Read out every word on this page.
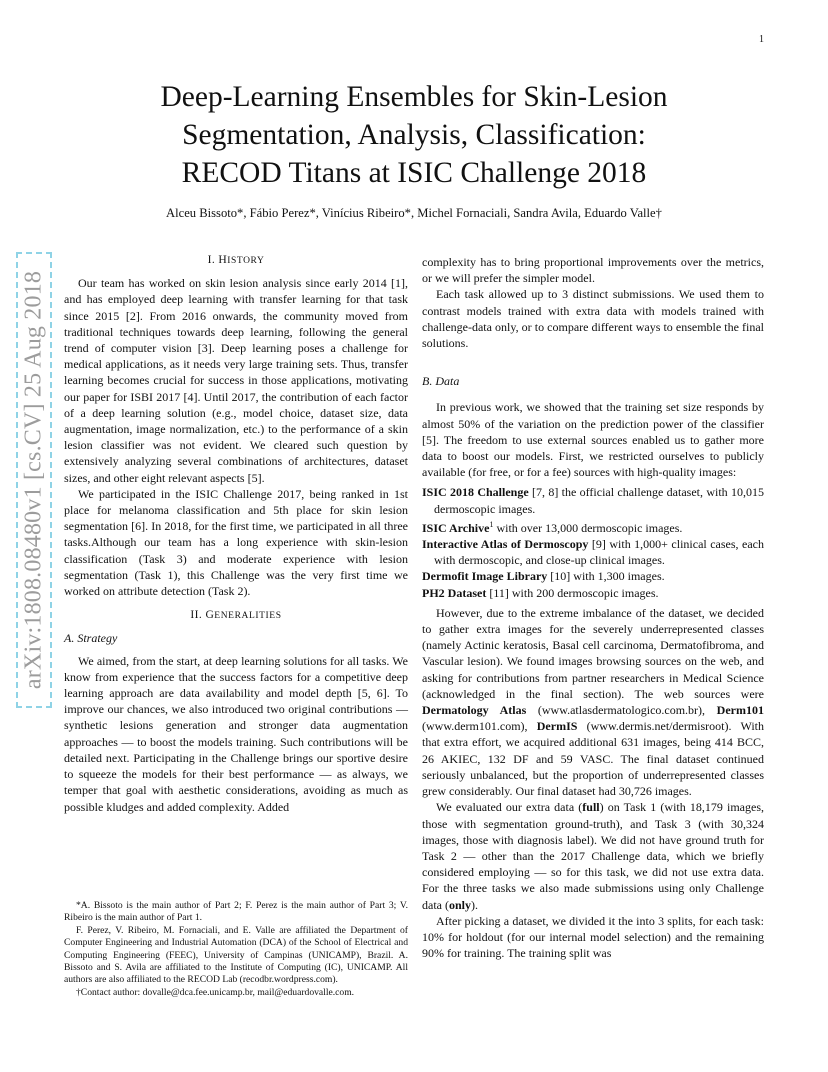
1
arXiv:1808.08480v1 [cs.CV] 25 Aug 2018
Deep-Learning Ensembles for Skin-Lesion
Segmentation, Analysis, Classification:
RECOD Titans at ISIC Challenge 2018
Alceu Bissoto*, Fábio Perez*, Vinícius Ribeiro*, Michel Fornaciali, Sandra Avila, Eduardo Valle†
I. HISTORY

Our team has worked on skin lesion analysis since early 2014 [1], and has employed deep learning with transfer learning for that task since 2015 [2]. From 2016 onwards, the community moved from traditional techniques towards deep learning, following the general trend of computer vision [3]. Deep learning poses a challenge for medical applications, as it needs very large training sets. Thus, transfer learning becomes crucial for success in those applications, motivating our paper for ISBI 2017 [4]. Until 2017, the contribution of each factor of a deep learning solution (e.g., model choice, dataset size, data augmentation, image normalization, etc.) to the performance of a skin lesion classifier was not evident. We cleared such question by extensively analyzing several combinations of architectures, dataset sizes, and other eight relevant aspects [5].

We participated in the ISIC Challenge 2017, being ranked in 1st place for melanoma classification and 5th place for skin lesion segmentation [6]. In 2018, for the first time, we participated in all three tasks.Although our team has a long experience with skin-lesion classification (Task 3) and moderate experience with lesion segmentation (Task 1), this Challenge was the very first time we worked on attribute detection (Task 2).

II. GENERALITIES
A. Strategy

We aimed, from the start, at deep learning solutions for all tasks. We know from experience that the success factors for a competitive deep learning approach are data availability and model depth [5, 6]. To improve our chances, we also introduced two original contributions — synthetic lesions generation and stronger data augmentation approaches — to boost the models training. Such contributions will be detailed next. Participating in the Challenge brings our sportive desire to squeeze the models for their best performance — as always, we temper that goal with aesthetic considerations, avoiding as much as possible kludges and added complexity. Added

complexity has to bring proportional improvements over the metrics, or we will prefer the simpler model.

Each task allowed up to 3 distinct submissions. We used them to contrast models trained with extra data with models trained with challenge-data only, or to compare different ways to ensemble the final solutions.

B. Data

In previous work, we showed that the training set size responds by almost 50% of the variation on the prediction power of the classifier [5]. The freedom to use external sources enabled us to gather more data to boost our models. First, we restricted ourselves to publicly available (for free, or for a fee) sources with high-quality images:

ISIC 2018 Challenge [7, 8] the official challenge dataset, with 10,015 dermoscopic images.
ISIC Archive$^1$ with over 13,000 dermoscopic images.
Interactive Atlas of Dermoscopy [9] with 1,000+ clinical cases, each with dermoscopic, and close-up clinical images.
Dermofit Image Library [10] with 1,300 images.
PH2 Dataset [11] with 200 dermoscopic images.

However, due to the extreme imbalance of the dataset, we decided to gather extra images for the severely underrepresented classes (namely Actinic keratosis, Basal cell carcinoma, Dermatofibroma, and Vascular lesion). We found images browsing sources on the web, and asking for contributions from partner researchers in Medical Science (acknowledged in the final section). The web sources were Dermatology Atlas (www.atlasdermatologico.com.br), Derm101 (www.derm101.com), DermIS (www.dermis.net/dermisroot). With that extra effort, we acquired additional 631 images, being 414 BCC, 26 AKIEC, 132 DF and 59 VASC. The final dataset continued seriously unbalanced, but the proportion of underrepresented classes grew considerably. Our final dataset had 30,726 images.

We evaluated our extra data (full) on Task 1 (with 18,179 images, those with segmentation ground-truth), and Task 3 (with 30,324 images, those with diagnosis label). We did not have ground truth for Task 2 — other than the 2017 Challenge data, which we briefly considered employing — so for this task, we did not use extra data. For the three tasks we also made submissions using only Challenge data (only).

After picking a dataset, we divided it the into 3 splits, for each task: 10% for holdout (for our internal model selection) and the remaining 90% for training. The training split was

*A. Bissoto is the main author of Part 2; F. Perez is the main author of Part 3; V. Ribeiro is the main author of Part 1.

F. Perez, V. Ribeiro, M. Fornaciali, and E. Valle are affiliated the Department of Computer Engineering and Industrial Automation (DCA) of the School of Electrical and Computing Engineering (FEEC), University of Campinas (UNICAMP), Brazil. A. Bissoto and S. Avila are affiliated to the Institute of Computing (IC), UNICAMP. All authors are also affiliated to the RECOD Lab (recodbr.wordpress.com).

†Contact author: dovalle@dca.fee.unicamp.br, mail@eduardovalle.com.
